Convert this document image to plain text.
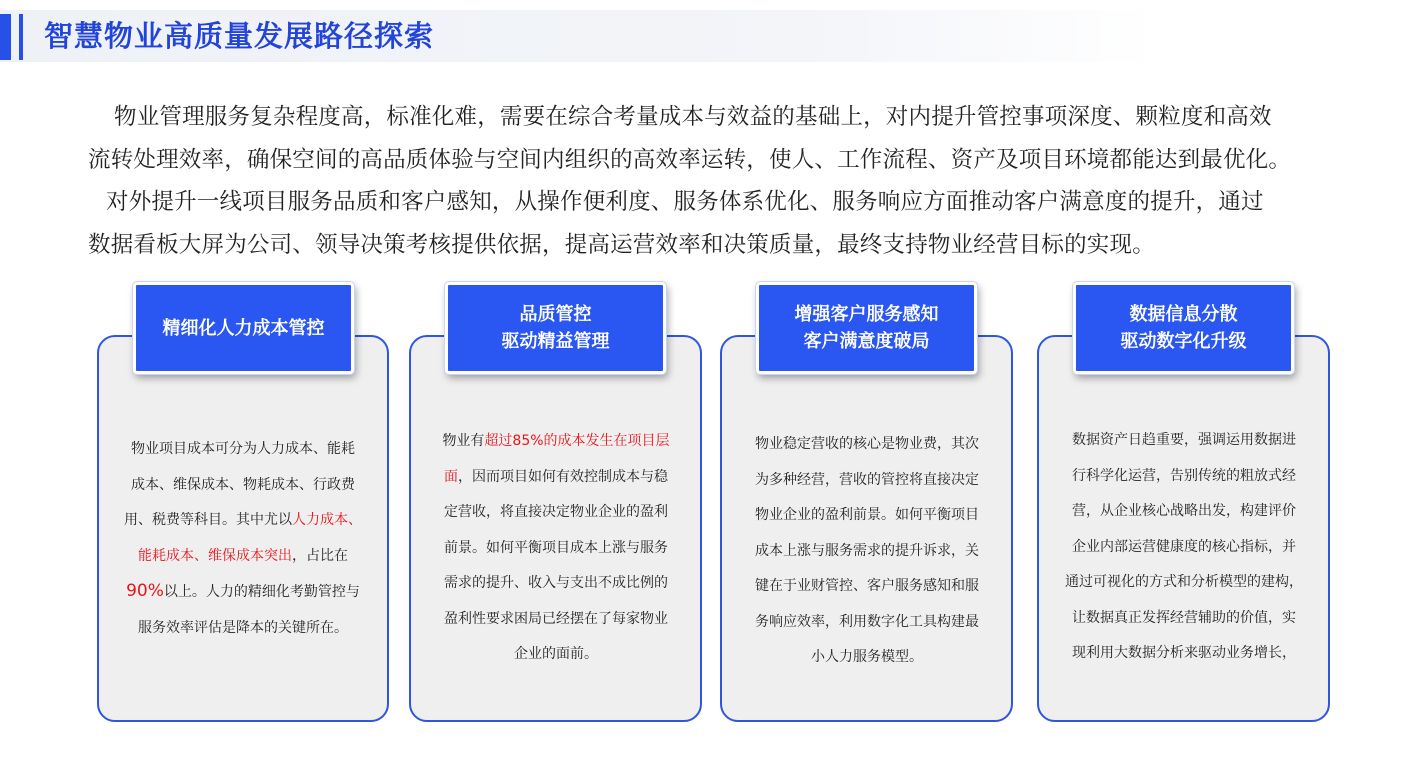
智慧物业高质量发展路径探索

物业管理服务复杂程度高，标准化难，需要在综合考量成本与效益的基础上，对内提升管控事项深度、颗粒度和高效

流转处理效率，确保空间的高品质体验与空间内组织的高效率运转，使人、工作流程、资产及项目环境都能达到最优化。

对外提升一线项目服务品质和客户感知，从操作便利度、服务体系优化、服务响应方面推动客户满意度的提升，通过

数据看板大屏为公司、领导决策考核提供依据，提高运营效率和决策质量，最终支持物业经营目标的实现。

精细化人力成本管控
物业项目成本可分为人力成本、能耗
成本、维保成本、物耗成本、行政费
用、税费等科目。其中尤以人力成本、
能耗成本、维保成本突出，占比在
90%以上。人力的精细化考勤管控与
服务效率评估是降本的关键所在。
品质管控
驱动精益管理
物业有超过85%的成本发生在项目层
面，因而项目如何有效控制成本与稳
定营收，将直接决定物业企业的盈利
前景。如何平衡项目成本上涨与服务
需求的提升、收入与支出不成比例的
盈利性要求困局已经摆在了每家物业
企业的面前。
增强客户服务感知
客户满意度破局
物业稳定营收的核心是物业费，其次
为多种经营，营收的管控将直接决定
物业企业的盈利前景。如何平衡项目
成本上涨与服务需求的提升诉求，关
键在于业财管控、客户服务感知和服
务响应效率，利用数字化工具构建最
小人力服务模型。
数据信息分散
驱动数字化升级
数据资产日趋重要，强调运用数据进
行科学化运营，告别传统的粗放式经
营，从企业核心战略出发，构建评价
企业内部运营健康度的核心指标，并
通过可视化的方式和分析模型的建构，
让数据真正发挥经营辅助的价值，实
现利用大数据分析来驱动业务增长，
